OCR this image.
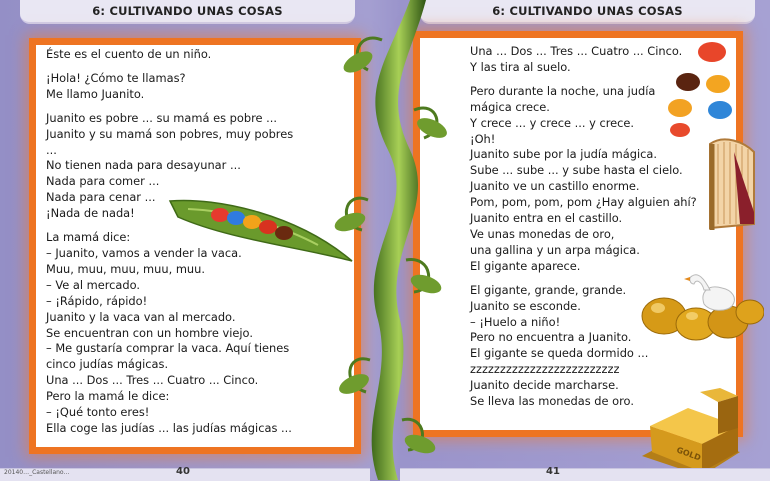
6: CULTIVANDO UNAS COSAS	6: CULTIVANDO UNAS COSAS
Éste es el cuento de un niño.
¡Hola! ¿Cómo te llamas?
Me llamo Juanito.
Juanito es pobre ... su mamá es pobre ...
Juanito y su mamá son pobres, muy pobres
...
No tienen nada para desayunar ...
Nada para comer ...
Nada para cenar ...
¡Nada de nada!
La mamá dice:
– Juanito, vamos a vender la vaca.
Muu, muu, muu, muu, muu.
– Ve al mercado.
– ¡Rápido, rápido!
Juanito y la vaca van al mercado.
Se encuentran con un hombre viejo.
– Me gustaría comprar la vaca. Aquí tienes
cinco judías mágicas.
Una ... Dos ... Tres ... Cuatro ... Cinco.
Pero la mamá le dice:
– ¡Qué tonto eres!
Ella coge las judías ... las judías mágicas ...
Una ... Dos ... Tres ... Cuatro ... Cinco.
Y las tira al suelo.
Pero durante la noche, una judía
mágica crece.
Y crece ... y crece ... y crece.
¡Oh!
Juanito sube por la judía mágica.
Sube ... sube ... y sube hasta el cielo.
Juanito ve un castillo enorme.
Pom, pom, pom, pom ¿Hay alguien ahí?
Juanito entra en el castillo.
Ve unas monedas de oro,
una gallina y un arpa mágica.
El gigante aparece.
El gigante, grande, grande.
Juanito se esconde.
– ¡Huelo a niño!
Pero no encuentra a Juanito.
El gigante se queda dormido ...
zzzzzzzzzzzzzzzzzzzzzzzzz
Juanito decide marcharse.
Se lleva las monedas de oro.
GOLD
20140…_Castellano…	40	41
